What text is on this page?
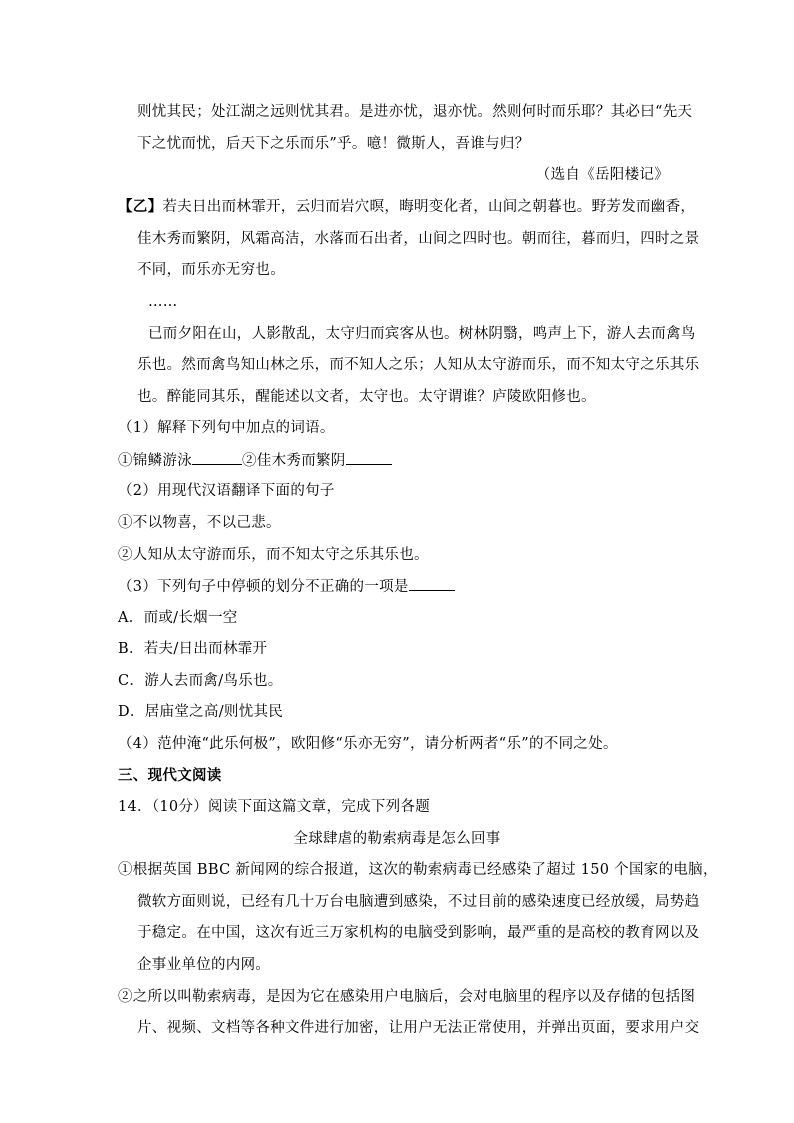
则忧其民；处江湖之远则忧其君。是进亦忧，退亦忧。然则何时而乐耶？其必曰“先天
下之忧而忧，后天下之乐而乐”乎。噫！微斯人，吾谁与归？
（选自《岳阳楼记》
【乙】若夫日出而林霏开，云归而岩穴暝，晦明变化者，山间之朝暮也。野芳发而幽香，
佳木秀而繁阴，风霜高洁，水落而石出者，山间之四时也。朝而往，暮而归，四时之景
不同，而乐亦无穷也。
……
已而夕阳在山，人影散乱，太守归而宾客从也。树林阴翳，鸣声上下，游人去而禽鸟
乐也。然而禽鸟知山林之乐，而不知人之乐；人知从太守游而乐，而不知太守之乐其乐
也。醉能同其乐，醒能述以文者，太守也。太守谓谁？庐陵欧阳修也。
（1）解释下列句中加点的词语。
①锦鳞游泳	②佳木秀而繁阴
（2）用现代汉语翻译下面的句子
①不以物喜，不以己悲。
②人知从太守游而乐，而不知太守之乐其乐也。
（3）下列句子中停顿的划分不正确的一项是
A．而或/长烟一空
B．若夫/日出而林霏开
C．游人去而禽/鸟乐也。
D．居庙堂之高/则忧其民
（4）范仲淹“此乐何极”，欧阳修“乐亦无穷”，请分析两者“乐”的不同之处。
三、现代文阅读
14．（10分）阅读下面这篇文章，完成下列各题
全球肆虐的勒索病毒是怎么回事
①根据英国 BBC 新闻网的综合报道，这次的勒索病毒已经感染了超过 150 个国家的电脑，
微软方面则说，已经有几十万台电脑遭到感染，不过目前的感染速度已经放缓，局势趋
于稳定。在中国，这次有近三万家机构的电脑受到影响，最严重的是高校的教育网以及
企事业单位的内网。
②之所以叫勒索病毒，是因为它在感染用户电脑后，会对电脑里的程序以及存储的包括图
片、视频、文档等各种文件进行加密，让用户无法正常使用，并弹出页面，要求用户交
